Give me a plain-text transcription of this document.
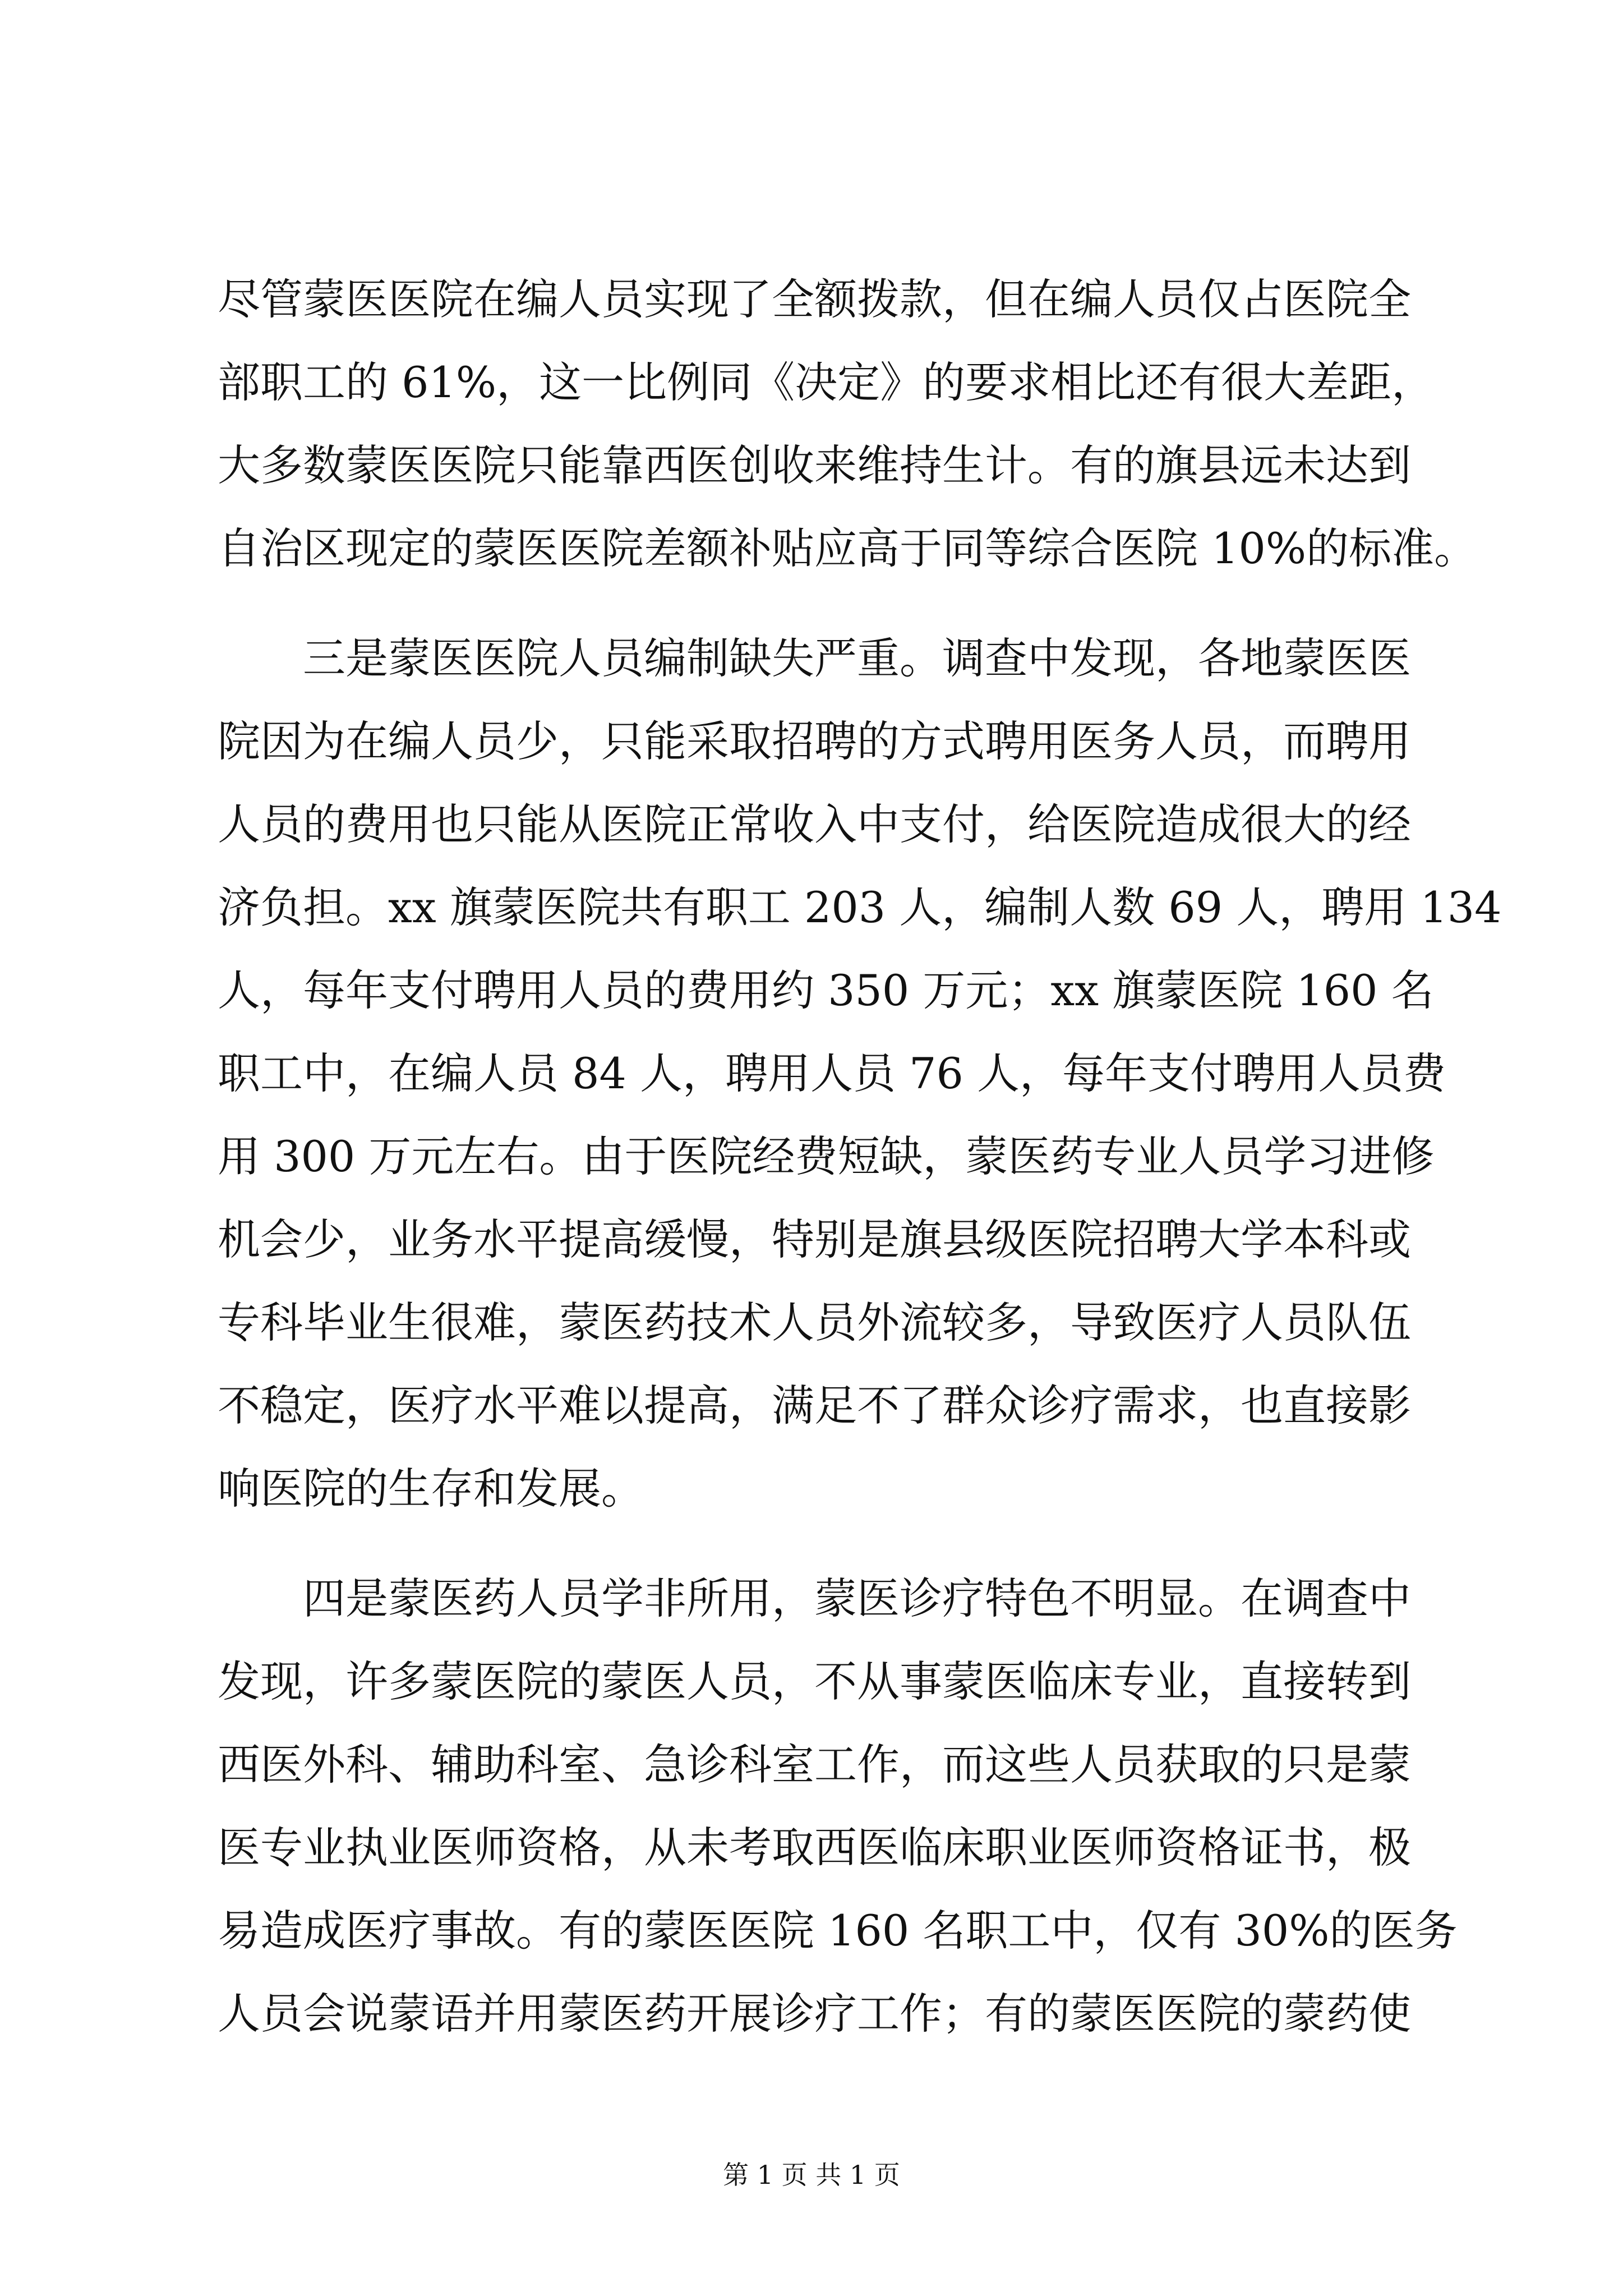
尽管蒙医医院在编人员实现了全额拨款，但在编人员仅占医院全
部职工的 61%，这一比例同《决定》的要求相比还有很大差距，
大多数蒙医医院只能靠西医创收来维持生计。有的旗县远未达到
自治区现定的蒙医医院差额补贴应高于同等综合医院 10%的标准。
三是蒙医医院人员编制缺失严重。调查中发现，各地蒙医医
院因为在编人员少，只能采取招聘的方式聘用医务人员，而聘用
人员的费用也只能从医院正常收入中支付，给医院造成很大的经
济负担。xx 旗蒙医院共有职工 203 人，编制人数 69 人，聘用 134
人，每年支付聘用人员的费用约 350 万元；xx 旗蒙医院 160 名
职工中，在编人员 84 人，聘用人员 76 人，每年支付聘用人员费
用 300 万元左右。由于医院经费短缺，蒙医药专业人员学习进修
机会少，业务水平提高缓慢，特别是旗县级医院招聘大学本科或
专科毕业生很难，蒙医药技术人员外流较多，导致医疗人员队伍
不稳定，医疗水平难以提高，满足不了群众诊疗需求，也直接影
响医院的生存和发展。
四是蒙医药人员学非所用，蒙医诊疗特色不明显。在调查中
发现，许多蒙医院的蒙医人员，不从事蒙医临床专业，直接转到
西医外科、辅助科室、急诊科室工作，而这些人员获取的只是蒙
医专业执业医师资格，从未考取西医临床职业医师资格证书，极
易造成医疗事故。有的蒙医医院 160 名职工中，仅有 30%的医务
人员会说蒙语并用蒙医药开展诊疗工作；有的蒙医医院的蒙药使
第 1 页 共 1 页
